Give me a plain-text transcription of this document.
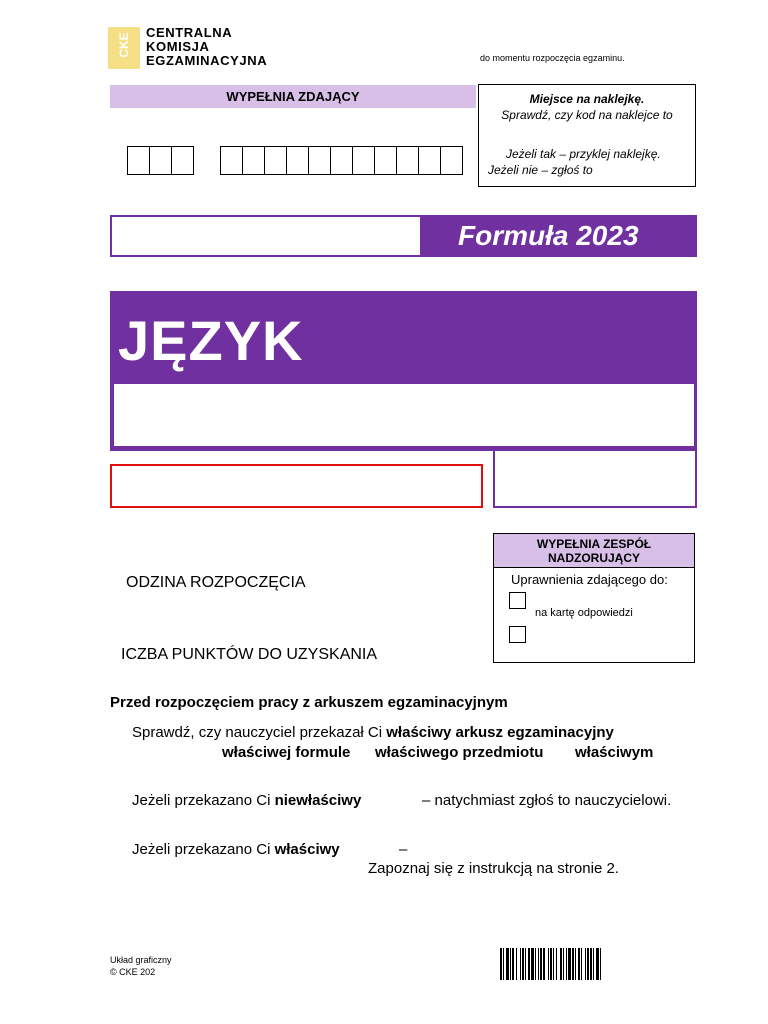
CKE CENTRALNA
KOMISJA
EGZAMINACYJNA	do momentu rozpoczęcia egzaminu.
WYPEŁNIA ZDAJĄCY	Miejsce na naklejkę.
Sprawdź, czy kod na naklejce to
Jeżeli tak – przyklej naklejkę.
Jeżeli nie – zgłoś to
Formuła 2023
JĘZYK
WYPEŁNIA ZESPÓŁ
NADZORUJĄCY
Uprawnienia zdającego do:
na kartę odpowiedzi
ODZINA ROZPOCZĘCIA
ICZBA PUNKTÓW DO UZYSKANIA
Przed rozpoczęciem pracy z arkuszem egzaminacyjnym
Sprawdź, czy nauczyciel przekazał Ci właściwy arkusz egzaminacyjny
właściwej formule właściwego przedmiotu właściwym
Jeżeli przekazano Ci niewłaściwy	– natychmiast zgłoś to nauczycielowi.
Jeżeli przekazano Ci właściwy	–
Zapoznaj się z instrukcją na stronie 2.
Układ graficzny
© CKE 202
